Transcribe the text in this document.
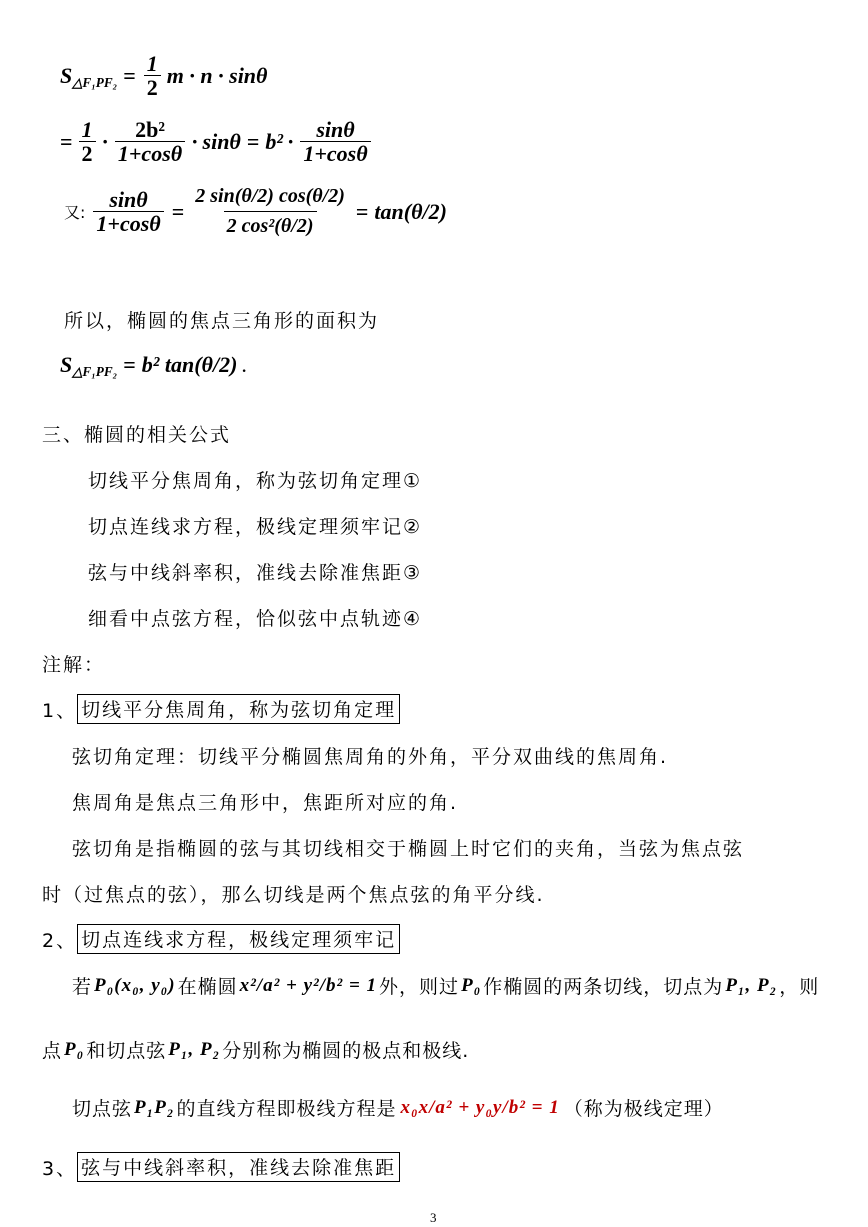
$S_{\triangle F_1PF_2} = \frac{1}{2}$ m · n · sinθ
= $\frac{1}{2} \cdot \frac{\text{2b²}}{1+\cos\theta} \cdot \sin\theta = b^2 \cdot \frac{\sin\theta}{1+\cos\theta}$
又: $\frac{\sin\theta}{1+\cos\theta} = \frac{2 \sin(\theta/2) \cos(\theta/2)}{\text{2 cos²(θ/2)}} = \tan(\theta/2)$
所以，椭圆的焦点三角形的面积为
$S_{\triangle F_1PF_2} = b^2$ tan(θ/2) .
三、椭圆的相关公式
切线平分焦周角，称为弦切角定理①
切点连线求方程，极线定理须牢记②
弦与中线斜率积，准线去除准焦距③
细看中点弦方程，恰似弦中点轨迹④
注解：
1、 切线平分焦周角，称为弦切角定理
弦切角定理：切线平分椭圆焦周角的外角，平分双曲线的焦周角.
焦周角是焦点三角形中，焦距所对应的角.
弦切角是指椭圆的弦与其切线相交于椭圆上时它们的夹角，当弦为焦点弦
时（过焦点的弦），那么切线是两个焦点弦的角平分线.
2、 切点连线求方程，极线定理须牢记
若 P₀(x₀, y₀) 在椭圆 x²/a² + y²/b² = 1 外，则过 P₀ 作椭圆的两条切线，切点为 P₁, P₂ ，则
点 P₀ 和切点弦 P₁, P₂ 分别称为椭圆的极点和极线.
切点弦 P₁P₂ 的直线方程即极线方程是 x₀x/a² + y₀y/b² = 1 （称为极线定理）
3、 弦与中线斜率积，准线去除准焦距
3
